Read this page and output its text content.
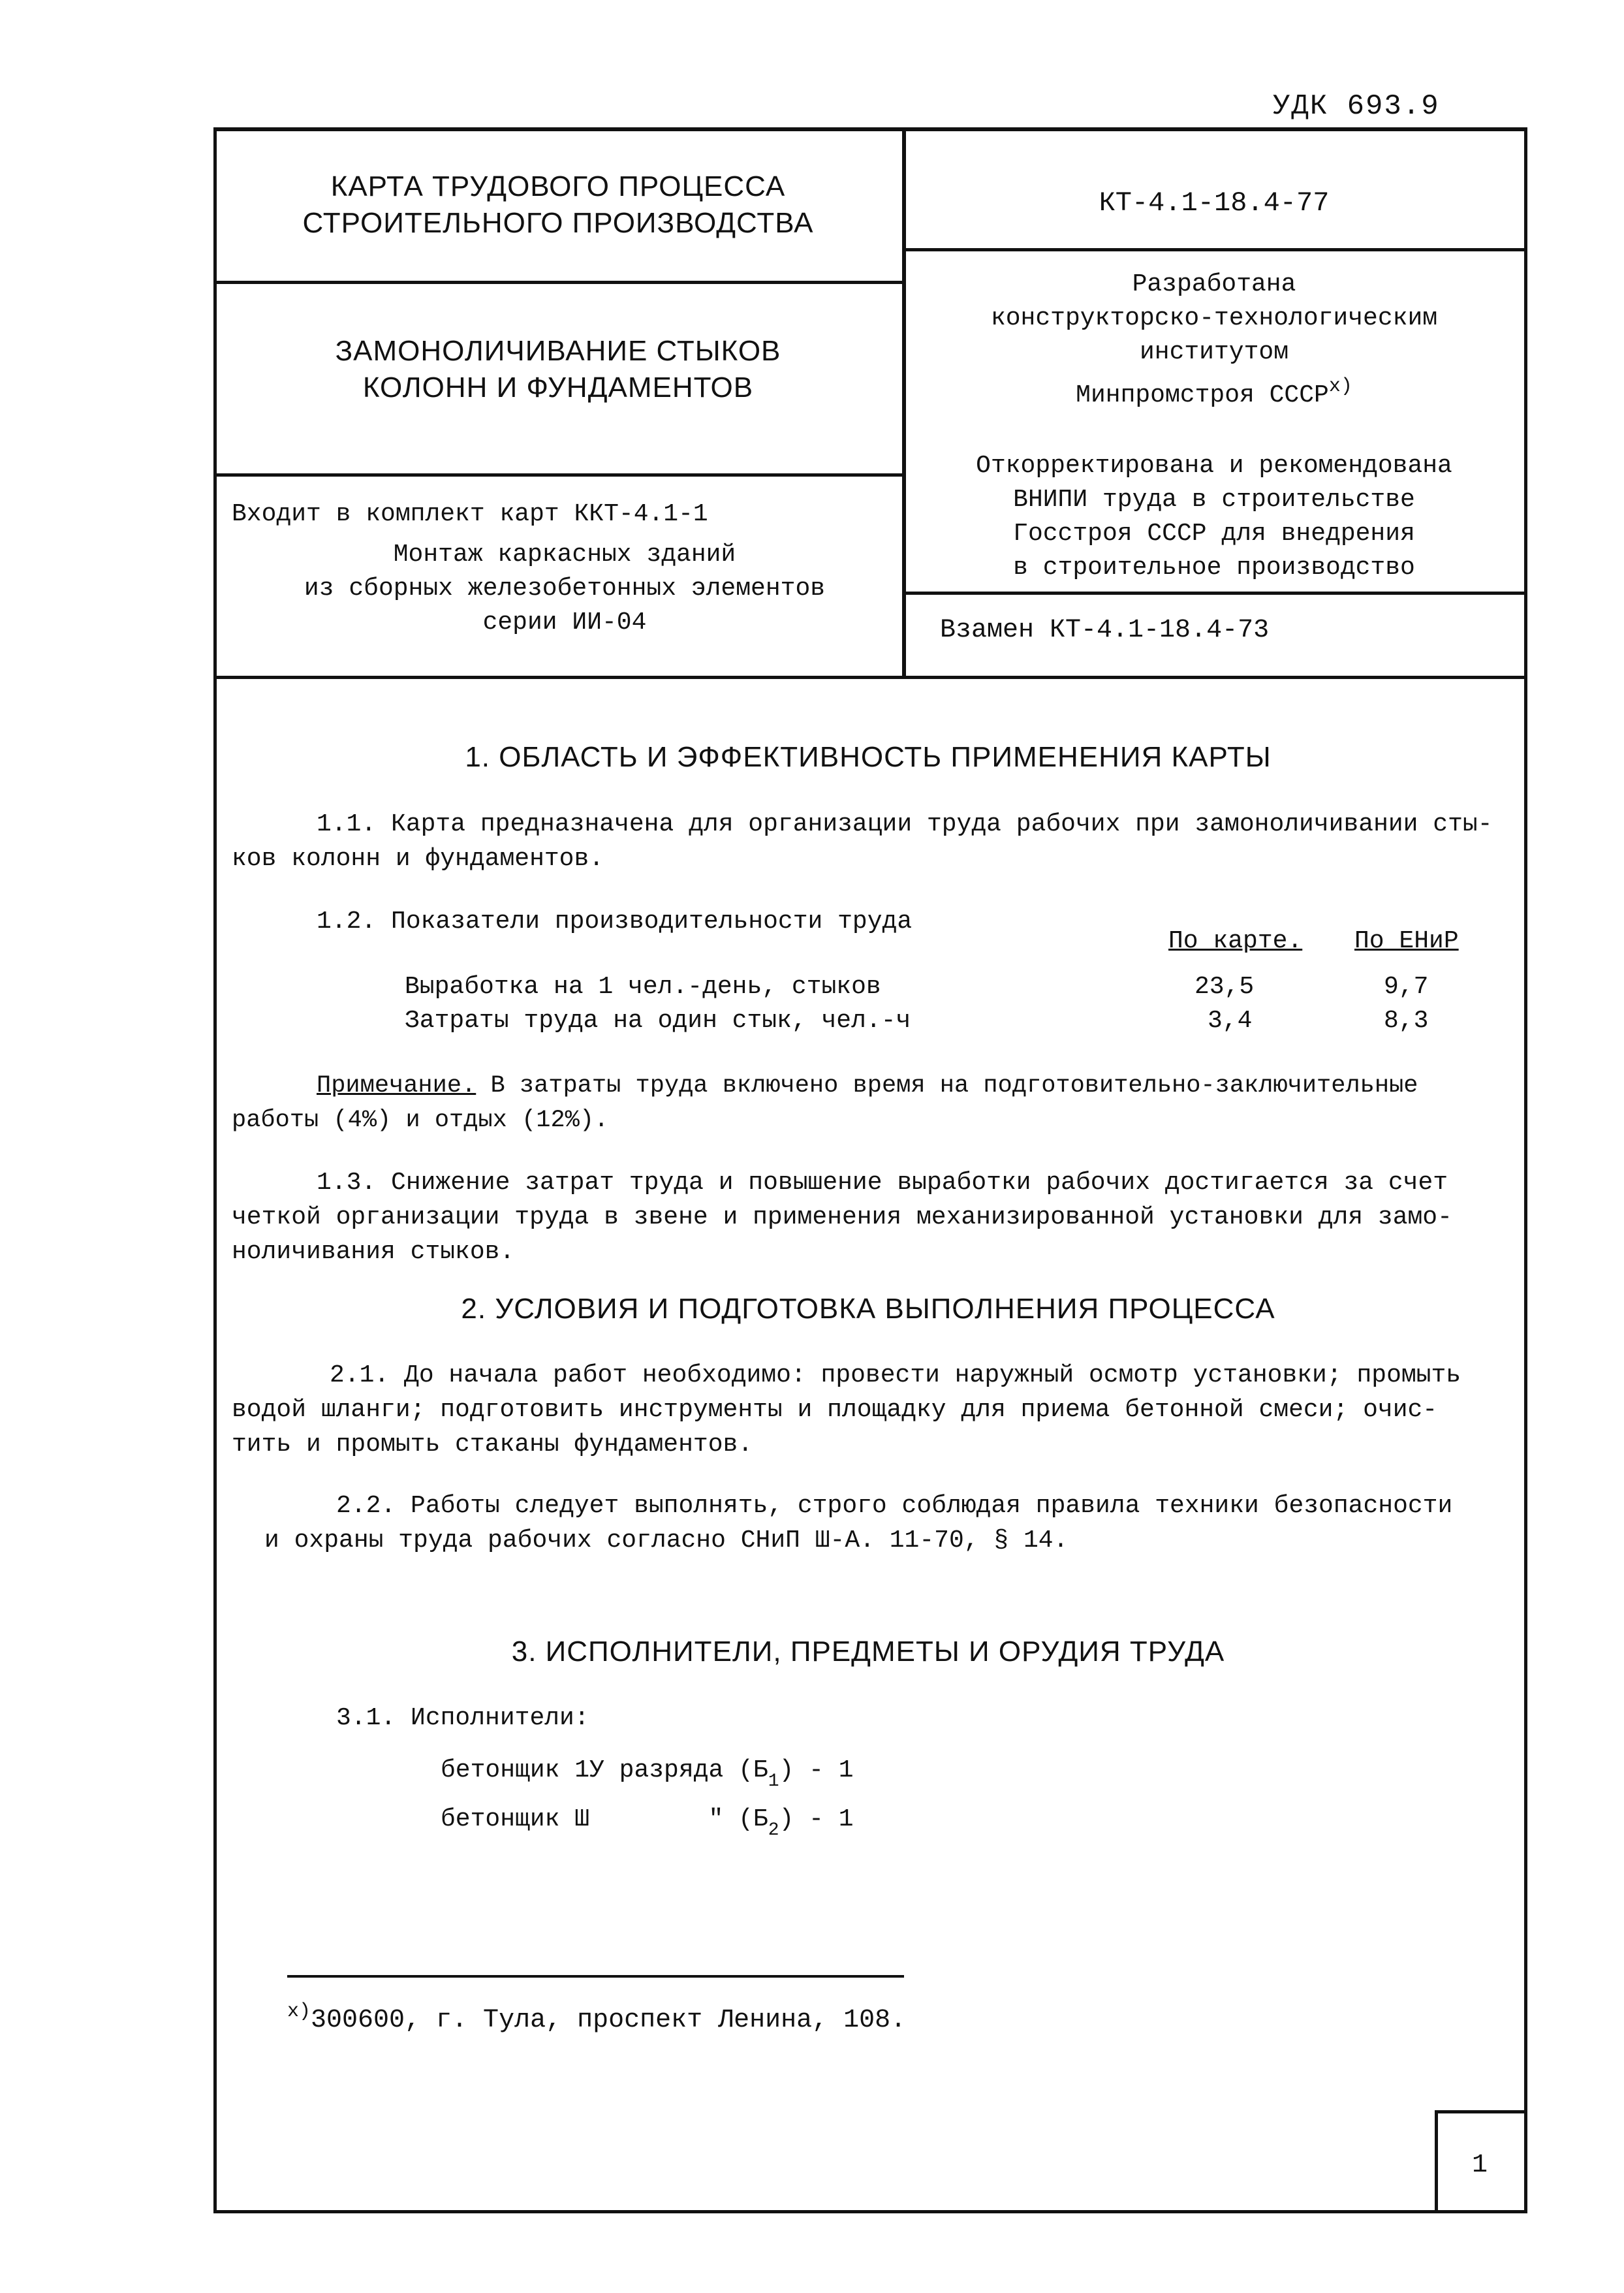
УДК 693.9
КАРТА ТРУДОВОГО ПРОЦЕССА
СТРОИТЕЛЬНОГО ПРОИЗВОДСТВА
КТ-4.1-18.4-77
ЗАМОНОЛИЧИВАНИЕ СТЫКОВ
КОЛОНН И ФУНДАМЕНТОВ
Разработана
конструкторско-технологическим
институтом
Минпромстроя СССР$^{x)}$
Откорректирована и рекомендована
ВНИПИ труда в строительстве
Госстроя СССР для внедрения
в строительное производство
Входит в комплект карт ККТ-4.1-1
Монтаж каркасных зданий
из сборных железобетонных элементов
серии ИИ-04	Взамен КТ-4.1-18.4-73
1. ОБЛАСТЬ И ЭФФЕКТИВНОСТЬ ПРИМЕНЕНИЯ КАРТЫ
1.1. Карта предназначена для организации труда рабочих при замоноличивании сты-
ков колонн и фундаментов.
1.2. Показатели производительности труда
По карте. По ЕНиР
Выработка на 1 чел.-день, стыков	23,5	9,7
Затраты труда на один стык, чел.-ч	3,4	8,3
Примечание. В затраты труда включено время на подготовительно-заключительные
работы (4%) и отдых (12%).
1.3. Снижение затрат труда и повышение выработки рабочих достигается за счет
четкой организации труда в звене и применения механизированной установки для замо-
ноличивания стыков.
2. УСЛОВИЯ И ПОДГОТОВКА ВЫПОЛНЕНИЯ ПРОЦЕССА
2.1. До начала работ необходимо: провести наружный осмотр установки; промыть
водой шланги; подготовить инструменты и площадку для приема бетонной смеси; очис-
тить и промыть стаканы фундаментов.
2.2. Работы следует выполнять, строго соблюдая правила техники безопасности
и охраны труда рабочих согласно СНиП Ш-А. 11-70, § 14.
3. ИСПОЛНИТЕЛИ, ПРЕДМЕТЫ И ОРУДИЯ ТРУДА
3.1. Исполнители:
бетонщик 1У разряда $(Б_1) - 1$
бетонщик Ш        " $(Б_2) - 1$
$^{x)}$300600, г. Тула, проспект Ленина, 108.
1
